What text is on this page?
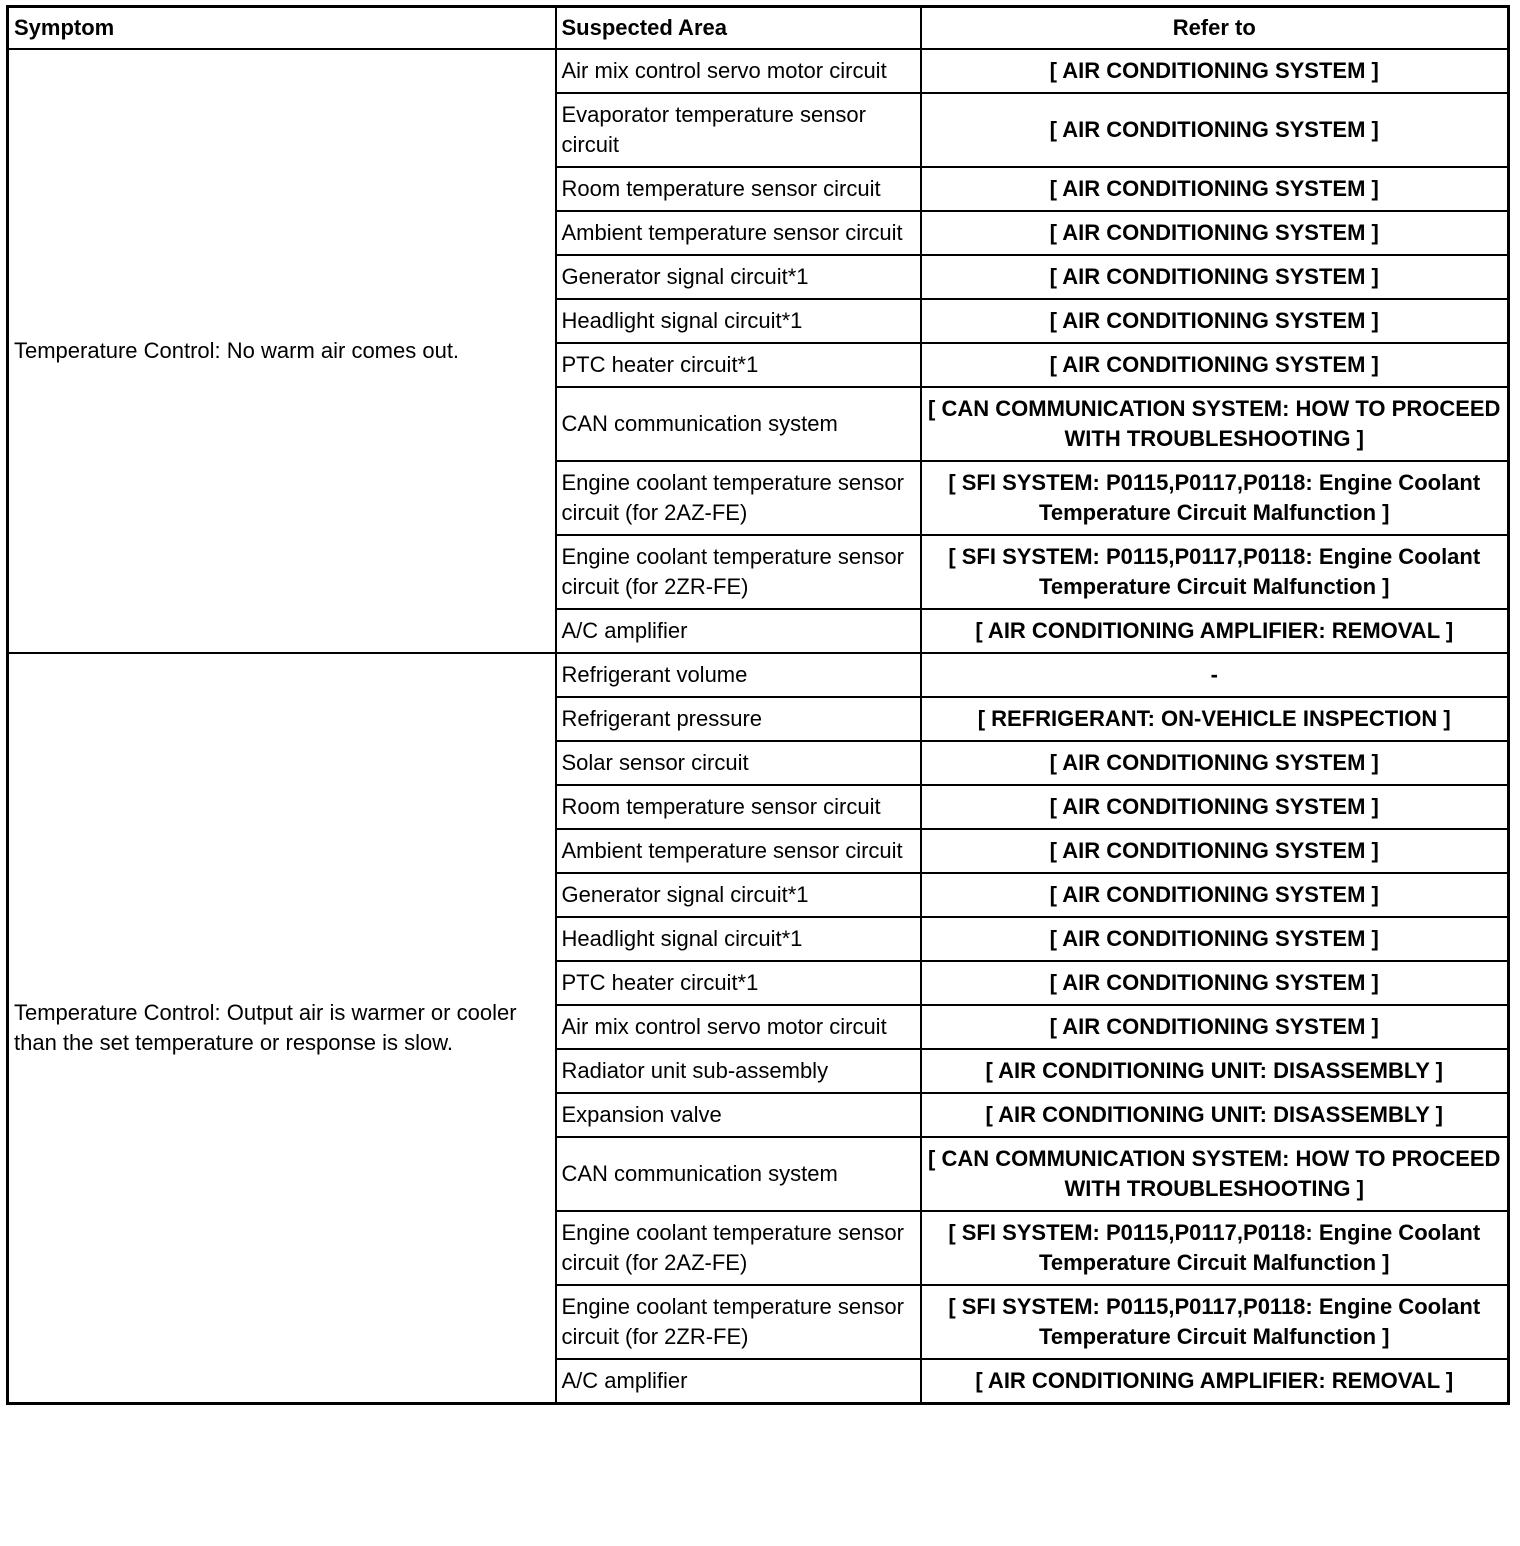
Symptom	Suspected Area	Refer to
Temperature Control: No warm air comes out.	Air mix control servo motor circuit	[ AIR CONDITIONING SYSTEM ]
	Evaporator temperature sensor circuit	[ AIR CONDITIONING SYSTEM ]
	Room temperature sensor circuit	[ AIR CONDITIONING SYSTEM ]
	Ambient temperature sensor circuit	[ AIR CONDITIONING SYSTEM ]
	Generator signal circuit*1	[ AIR CONDITIONING SYSTEM ]
	Headlight signal circuit*1	[ AIR CONDITIONING SYSTEM ]
	PTC heater circuit*1	[ AIR CONDITIONING SYSTEM ]
	CAN communication system	[ CAN COMMUNICATION SYSTEM: HOW TO PROCEED WITH TROUBLESHOOTING ]
	Engine coolant temperature sensor circuit (for 2AZ-FE)	[ SFI SYSTEM: P0115,P0117,P0118: Engine Coolant Temperature Circuit Malfunction ]
	Engine coolant temperature sensor circuit (for 2ZR-FE)	[ SFI SYSTEM: P0115,P0117,P0118: Engine Coolant Temperature Circuit Malfunction ]
	A/C amplifier	[ AIR CONDITIONING AMPLIFIER: REMOVAL ]
Temperature Control: Output air is warmer or cooler than the set temperature or response is slow.	Refrigerant volume	-
	Refrigerant pressure	[ REFRIGERANT: ON-VEHICLE INSPECTION ]
	Solar sensor circuit	[ AIR CONDITIONING SYSTEM ]
	Room temperature sensor circuit	[ AIR CONDITIONING SYSTEM ]
	Ambient temperature sensor circuit	[ AIR CONDITIONING SYSTEM ]
	Generator signal circuit*1	[ AIR CONDITIONING SYSTEM ]
	Headlight signal circuit*1	[ AIR CONDITIONING SYSTEM ]
	PTC heater circuit*1	[ AIR CONDITIONING SYSTEM ]
	Air mix control servo motor circuit	[ AIR CONDITIONING SYSTEM ]
	Radiator unit sub-assembly	[ AIR CONDITIONING UNIT: DISASSEMBLY ]
	Expansion valve	[ AIR CONDITIONING UNIT: DISASSEMBLY ]
	CAN communication system	[ CAN COMMUNICATION SYSTEM: HOW TO PROCEED WITH TROUBLESHOOTING ]
	Engine coolant temperature sensor circuit (for 2AZ-FE)	[ SFI SYSTEM: P0115,P0117,P0118: Engine Coolant Temperature Circuit Malfunction ]
	Engine coolant temperature sensor circuit (for 2ZR-FE)	[ SFI SYSTEM: P0115,P0117,P0118: Engine Coolant Temperature Circuit Malfunction ]
	A/C amplifier	[ AIR CONDITIONING AMPLIFIER: REMOVAL ]
